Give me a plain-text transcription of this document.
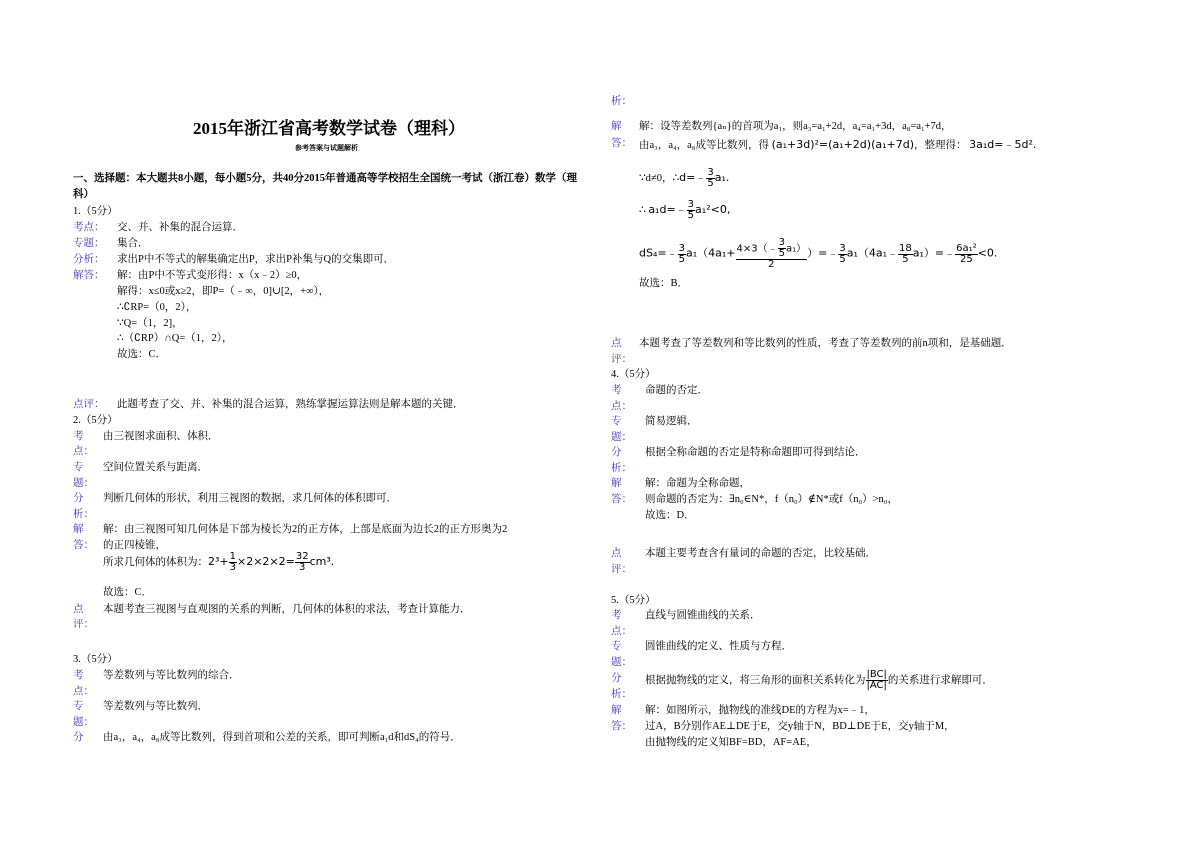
2015年浙江省高考数学试卷（理科）
参考答案与试题解析
一、选择题：本大题共8小题，每小题5分，共40分2015年普通高等学校招生全国统一考试（浙江卷）数学（理
科）
1.（5分）
考点： 交、并、补集的混合运算．
专题： 集合．
分析： 求出P中不等式的解集确定出P，求出P补集与Q的交集即可．
解答： 解：由P中不等式变形得：x（x﹣2）≥0，
解得：x≤0或x≥2，即P=（﹣∞，0]∪[2，+∞），
∴∁RP=（0，2），
∵Q=（1，2]，
∴（∁RP）∩Q=（1，2），
故选：C．
点评： 此题考查了交、并、补集的混合运算，熟练掌握运算法则是解本题的关键．
2.（5分）
考 由三视图求面积、体积．
点：
专 空间位置关系与距离．
题：
分 判断几何体的形状，利用三视图的数据，求几何体的体积即可．
析：
解 解：由三视图可知几何体是下部为棱长为2的正方体，上部是底面为边长2的正方形奥为2
答： 的正四棱锥，
所求几何体的体积为：$2^3+ \frac{1}{3} \times 2\times 2\times 2= \frac{32}{3} cm^3$.
故选：C．
点 本题考查三视图与直观图的关系的判断，几何体的体积的求法，考查计算能力．
评：
3.（5分）
考 等差数列与等比数列的综合．
点：
专 等差数列与等比数列．
题：
分 由a₃，a₄，a₈成等比数列，得到首项和公差的关系，即可判断a₁d和dS₄的符号．
析：
解 解：设等差数列{aₙ}的首项为a₁，则a₃=a₁+2d，a₄=a₁+3d，a₈=a₁+7d，
答： 由a₃，a₄，a₈成等比数列，得 (a₁+3d)²=(a₁+2d)(a₁+7d)，整理得： 3a₁d=﹣5d².
∵d≠0，∴d=﹣ $\frac{3}{5} a_1$.
∴ a₁d=﹣ $\frac{3}{5} a_1^2<0$,
dS₄=﹣ $\frac{3}{5} a_1(4a_1+ \frac{4\times 3(﹣ \frac{3}{5} a_1)}{2}$ ）=﹣ $\frac{3}{5}$ a₁（4a₁﹣ $\frac{18}{5}$ a₁）=﹣ $\frac{\text{6a₁²}}{25} <0$.
故选：B．
点 本题考查了等差数列和等比数列的性质，考查了等差数列的前n项和，是基础题．
评：
4.（5分）
考 命题的否定．
点：
专 简易逻辑．
题：
分 根据全称命题的否定是特称命题即可得到结论．
析：
解 解：命题为全称命题，
答： 则命题的否定为：∃n₀∈N*，f（n₀）∉N*或f（n₀）>n₀，
故选：D．
点 本题主要考查含有量词的命题的否定，比较基础．
评：
5.（5分）
考 直线与圆锥曲线的关系．
点：
专 圆锥曲线的定义、性质与方程．
题：
分 根据抛物线的定义，将三角形的面积关系转化为 $\frac{|BC|}{|AC|}$ 的关系进行求解即可．
析：
解 解：如图所示，抛物线的准线DE的方程为x=﹣1，
答： 过A，B分别作AE⊥DE于E，交y轴于N，BD⊥DE于E，交y轴于M，
由抛物线的定义知BF=BD，AF=AE，
